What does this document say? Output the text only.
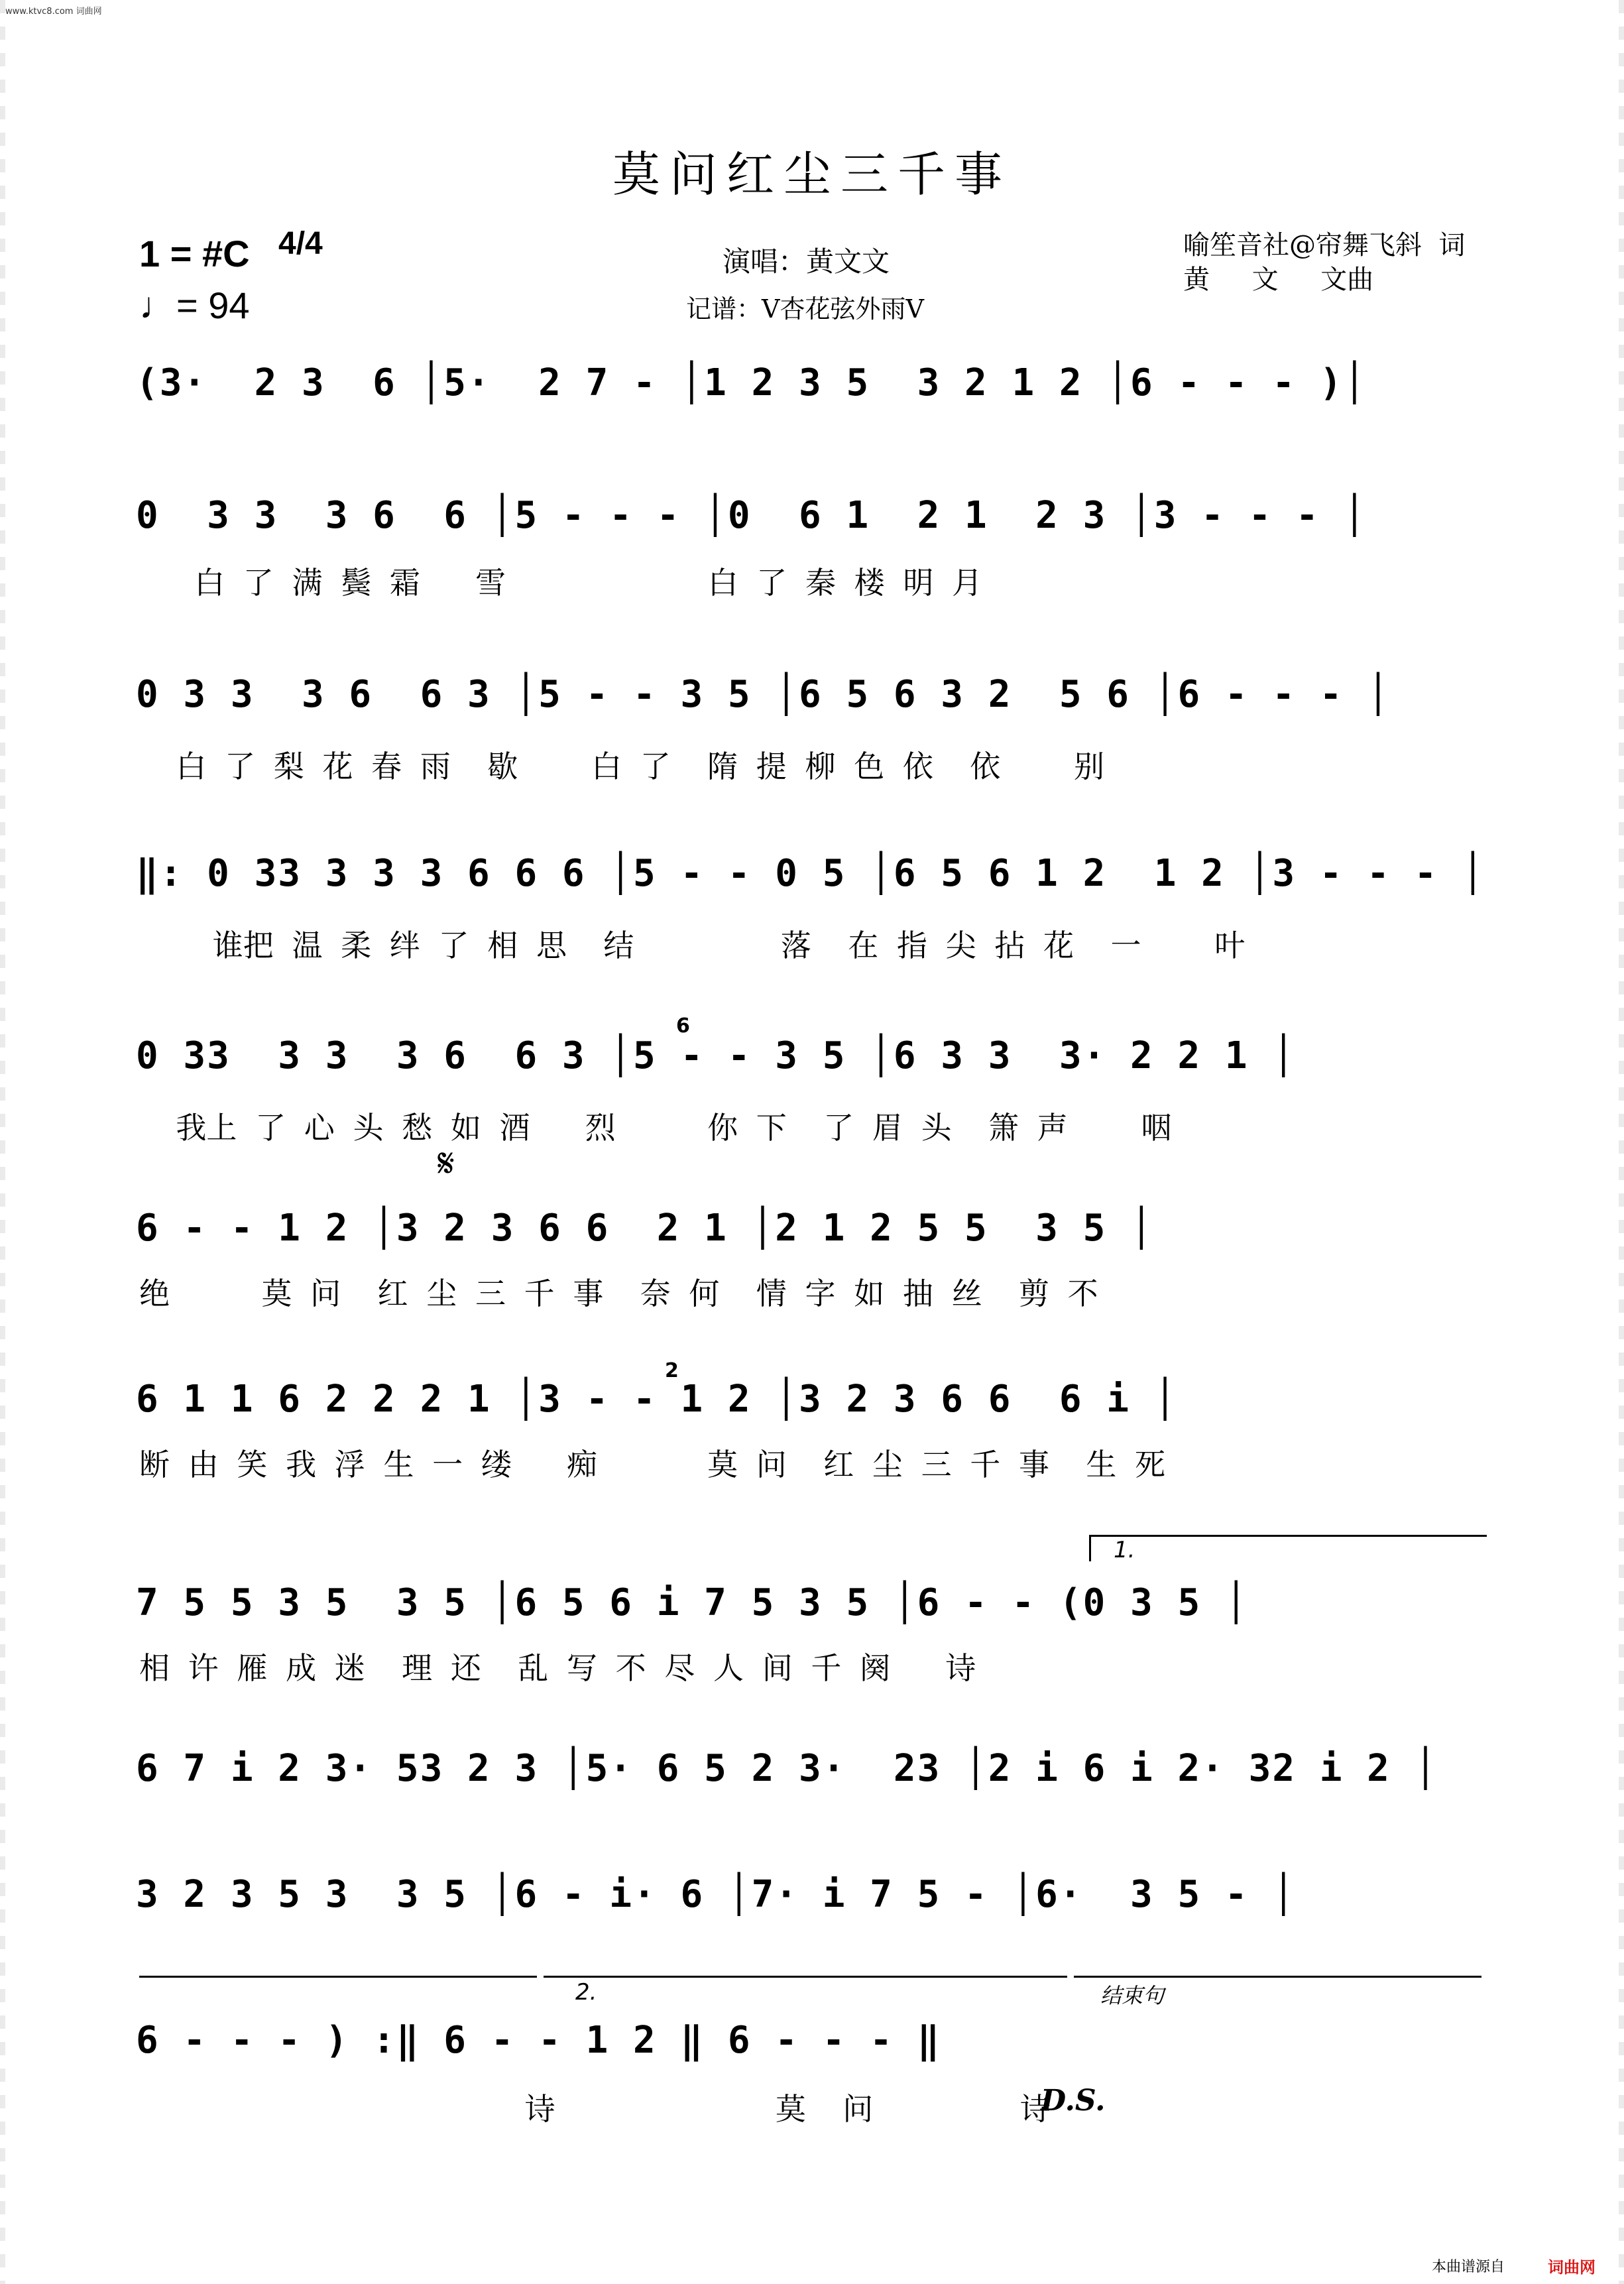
www.ktvc8.com 词曲网
莫问红尘三千事
1 = #C 4/4
♩= 94
演唱：黄文文
记谱：V杏花弦外雨V
喻笙音社@帘舞飞斜  词
黄     文     文曲
(3·  2 3  6 │5·  2 7 - │1 2 3 5  3 2 1 2 │6 - - - )│
0  3 3  3 6  6 │5 - - - │0  6 1  2 1  2 3 │3 - - - │
白 了 满 鬓 霜   雪           白 了 秦 楼 明 月
0 3 3  3 6  6 3 │5 - - 3 5 │6 5 6 3 2  5 6 │6 - - - │
白 了 梨 花 春 雨  歇    白 了  隋 提 柳 色 依  依    别
‖: 0 33 3 3 3 6 6 6 │5 - - 0 5 │6 5 6 1 2  1 2 │3 - - - │
谁把 温 柔 绊 了 相 思  结        落  在 指 尖 拈 花  一    叶
0 33  3 3  3 6  6 3 │5 - - 3 5 │6 3 3  3· 2 2 1 │
我上 了 心 头 愁 如 酒   烈     你 下  了 眉 头  箫 声    咽
6
𝄋
6 - - 1 2 │3 2 3 6 6  2 1 │2 1 2 5 5  3 5 │
绝     莫 问  红 尘 三 千 事  奈 何  情 字 如 抽 丝  剪 不
6 1 1 6 2 2 2 1 │3 - - 1 2 │3 2 3 6 6  6 i │
断 由 笑 我 浮 生 一 缕   痴      莫 问  红 尘 三 千 事  生 死
2
1.
7 5 5 3 5  3 5 │6 5 6 i 7 5 3 5 │6 - - (0 3 5 │
相 许 雁 成 迷  理 还  乱 写 不 尽 人 间 千 阕   诗
6 7 i 2 3· 53 2 3 │5· 6 5 2 3·  23 │2 i 6 i 2· 32 i 2 │
3 2 3 5 3  3 5 │6 - i· 6 │7· i 7 5 - │6·  3 5 - │
2.	结束句
6 - - - ) :‖ 6 - - 1 2 ‖ 6 - - - ‖
诗            莫  问        诗
D.S.
本曲谱源自	词曲网
